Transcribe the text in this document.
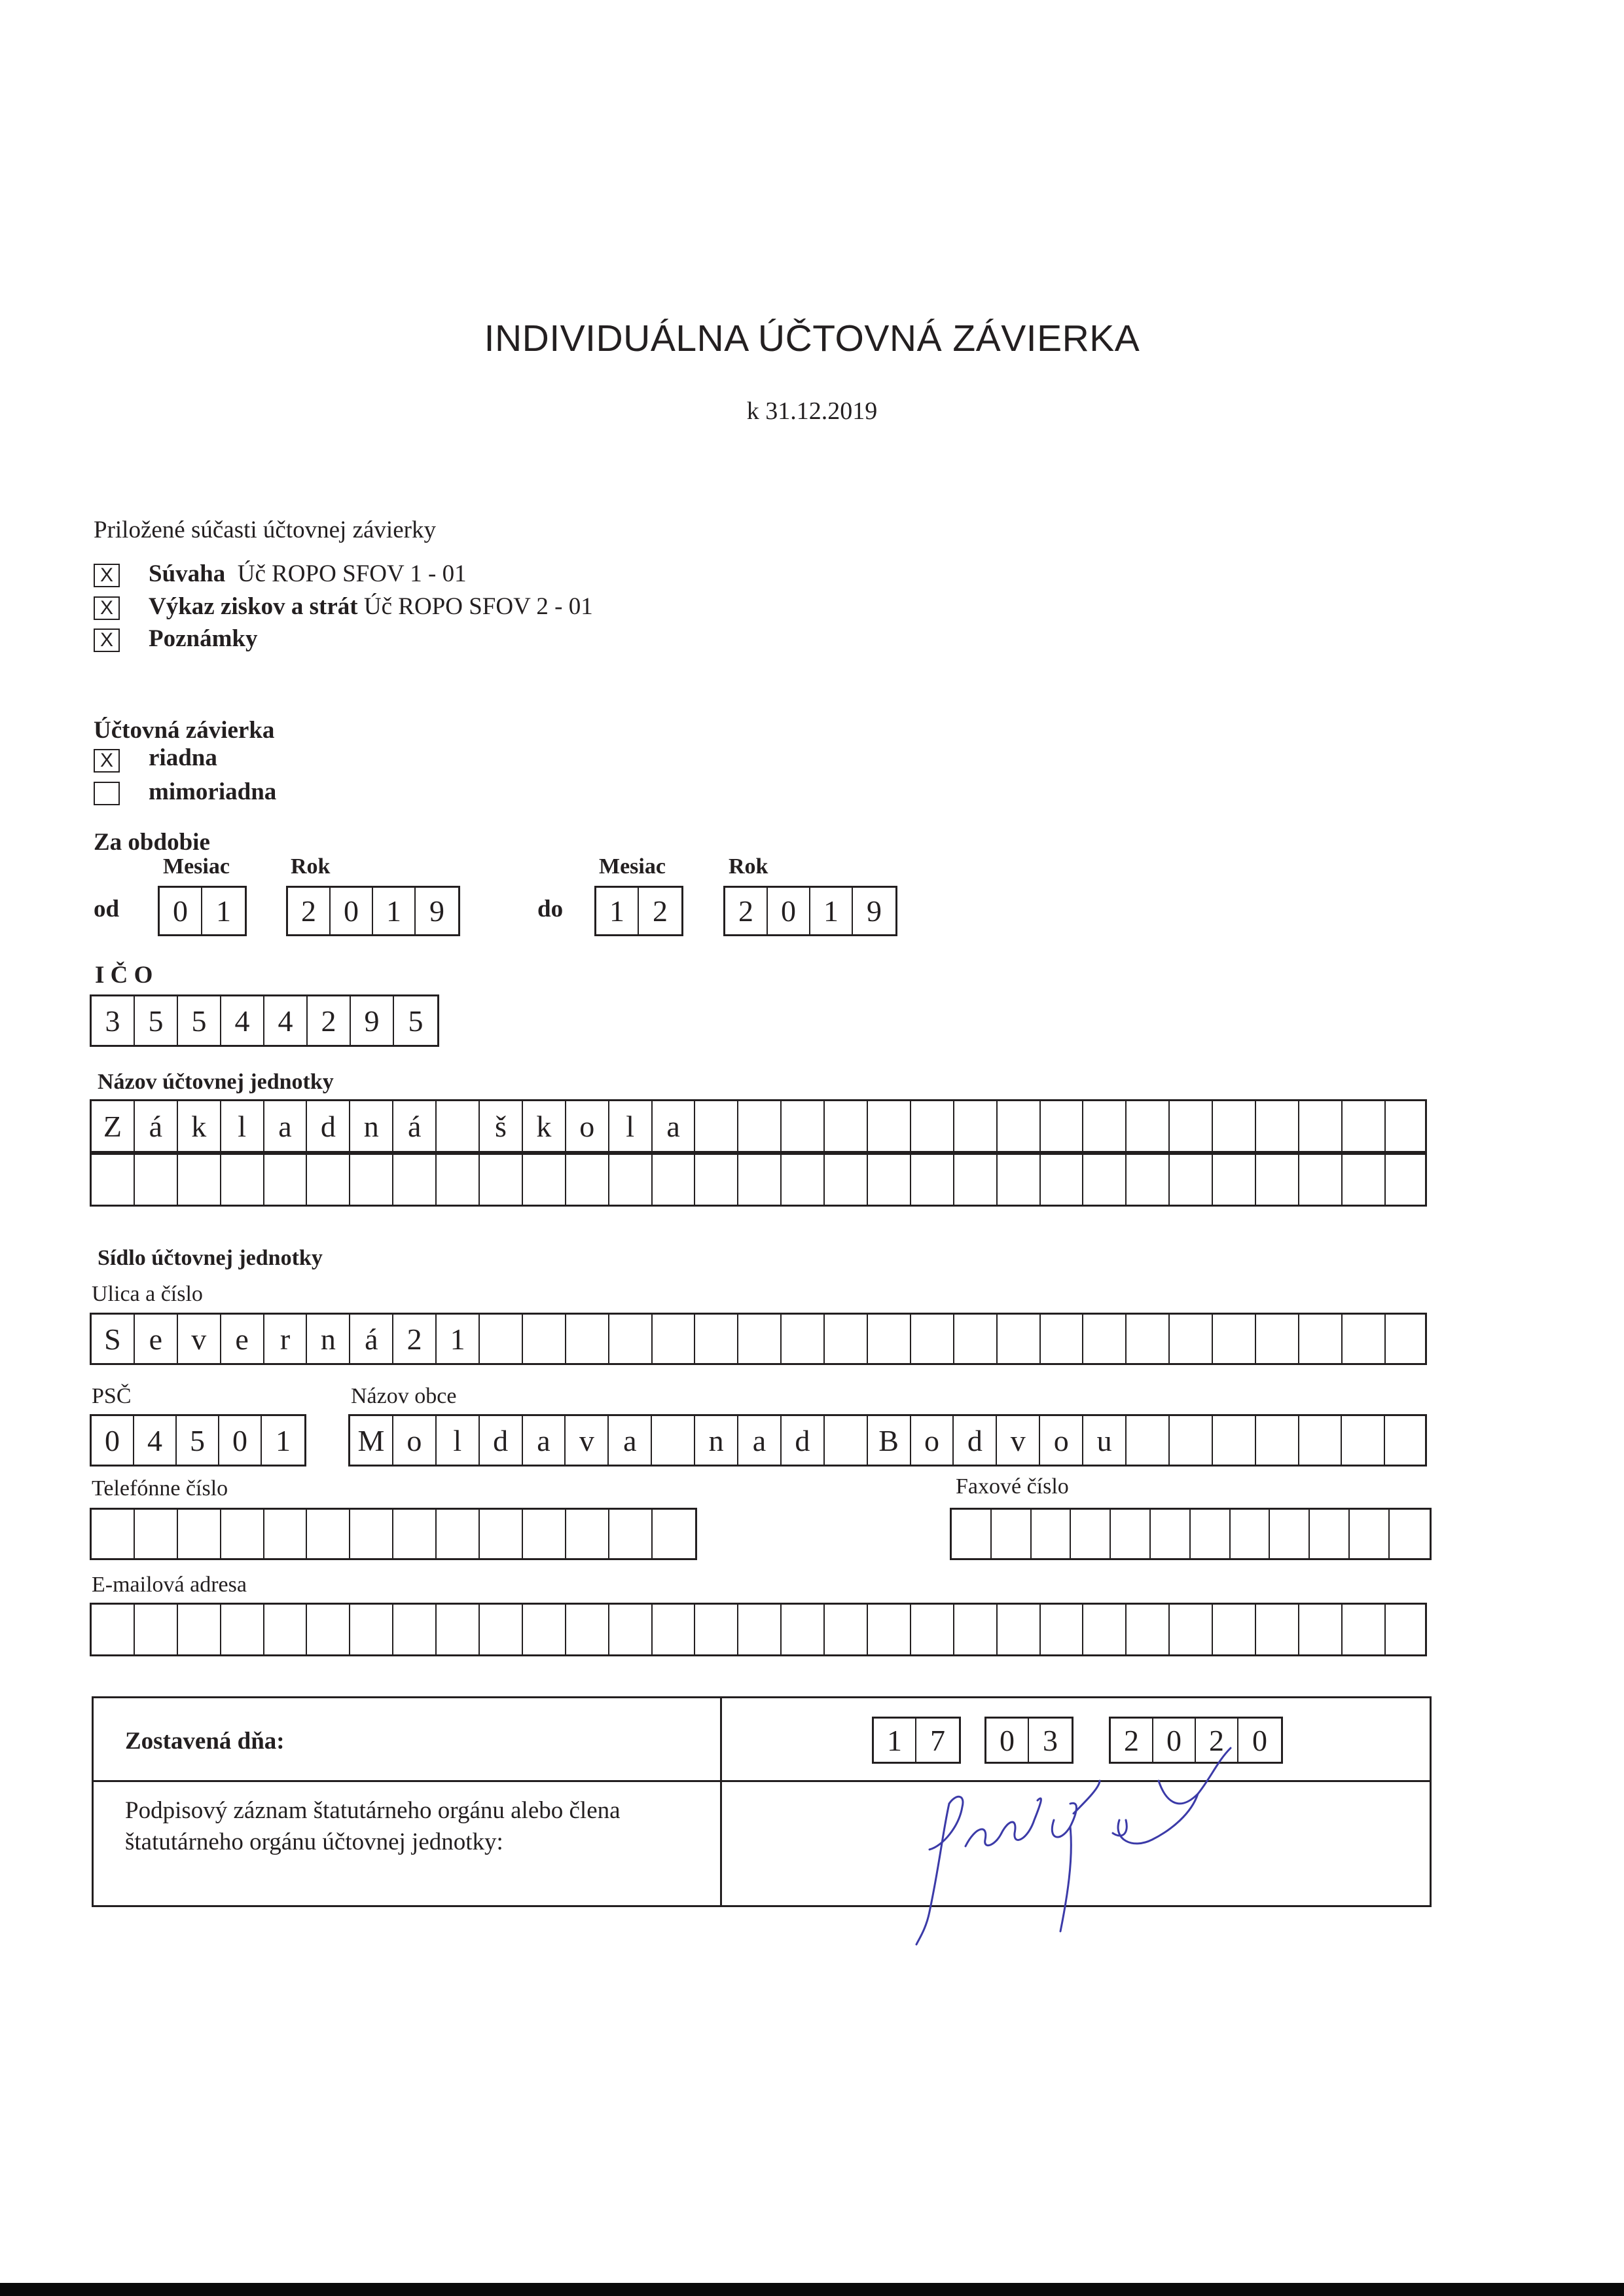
INDIVIDUÁLNA ÚČTOVNÁ ZÁVIERKA
k 31.12.2019
Priložené súčasti účtovnej závierky
X Súvaha Úč ROPO SFOV 1 - 01
X Výkaz ziskov a strát Úč ROPO SFOV 2 - 01
X Poznámky
Účtovná závierka
X riadna
mimoriadna
Za obdobie
Mesiac	Rok	Mesiac	Rok
od	0 1	2 0 1 9	do	1 2	2 0 1 9
I Č O
3 5 5 4 4 2 9 5
Názov účtovnej jednotky
Z á k	l	a d n á	š k o	l	a
Sídlo účtovnej jednotky
Ulica a číslo
S e v e	r	n á 2 1
PSČ	Názov obce
0 4 5 0 1	M o	l	d a v a	n a d	B o d v o u
Telefónne číslo	Faxové číslo
E-mailová adresa
Zostavená dňa:
Podpisový záznam štatutárneho orgánu alebo člena
štatutárneho orgánu účtovnej jednotky:
1 7	0 3	2 0 2 0
